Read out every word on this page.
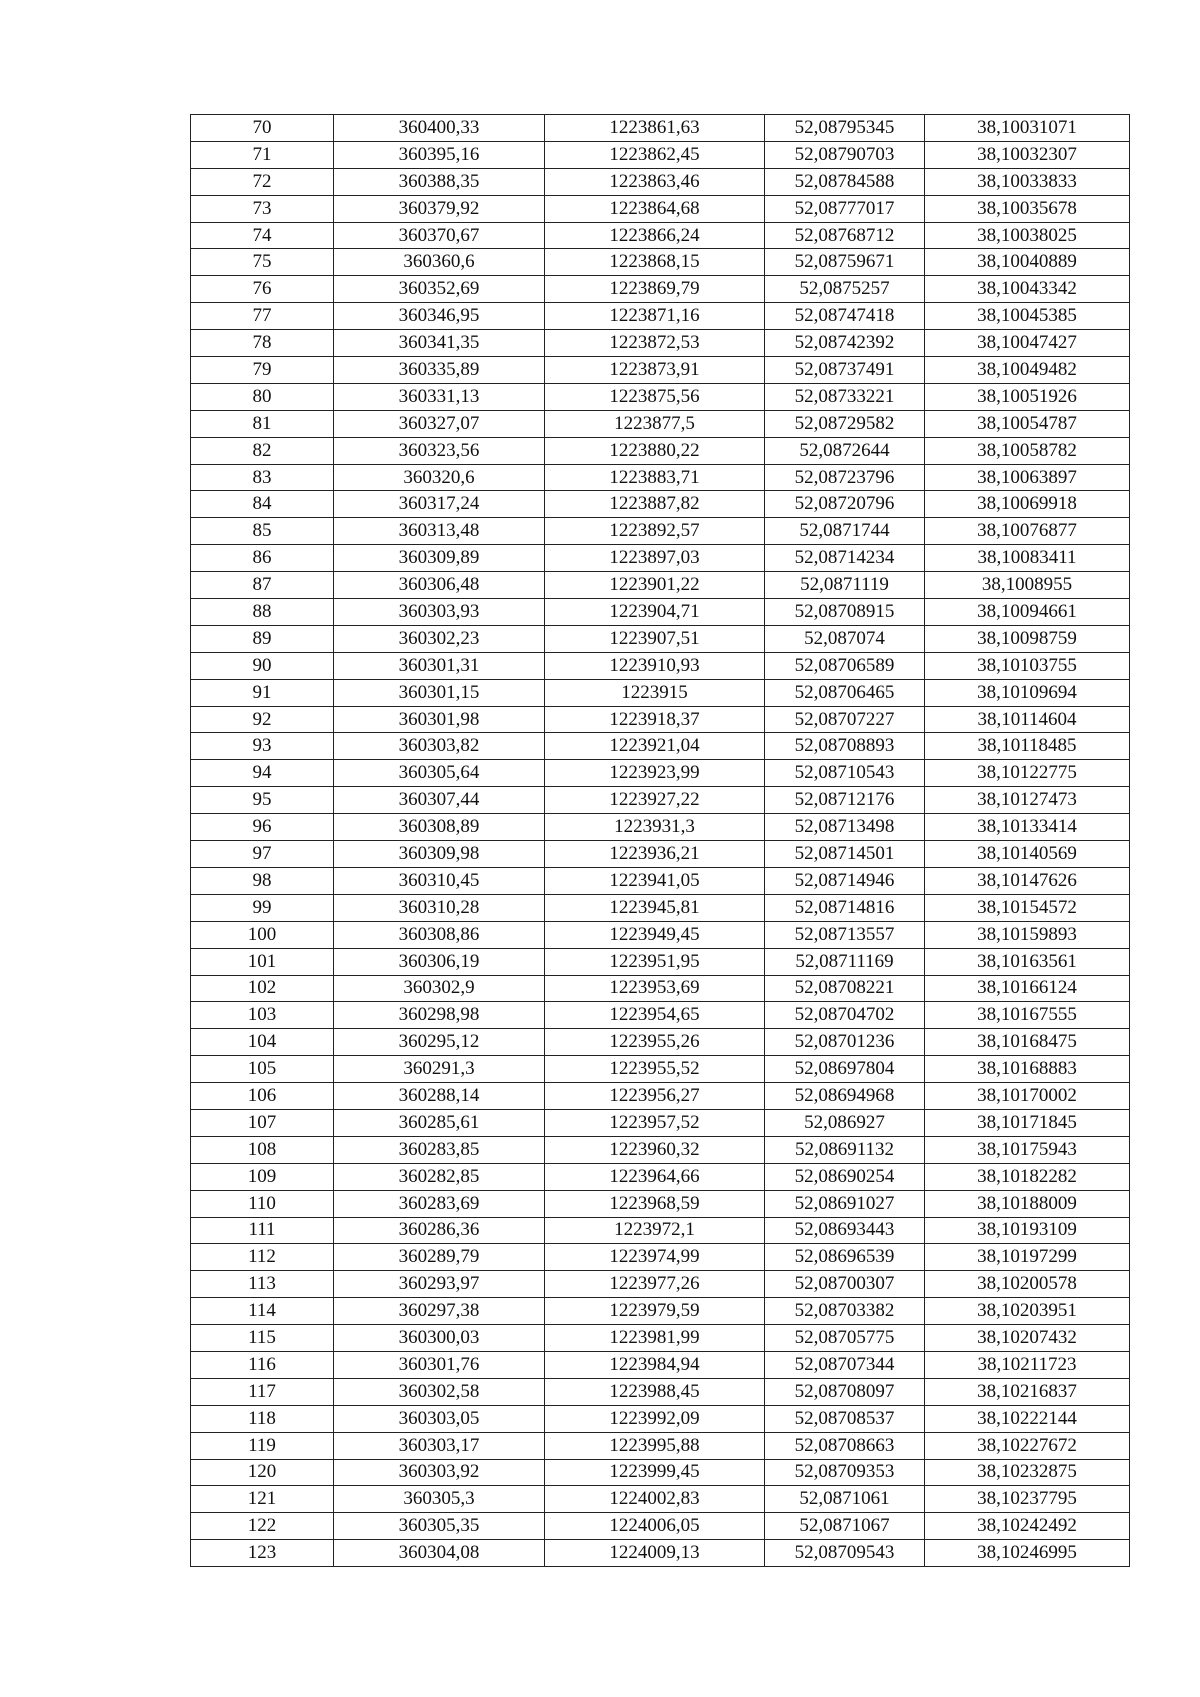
70	360400,33	1223861,63	52,08795345	38,10031071
71	360395,16	1223862,45	52,08790703	38,10032307
72	360388,35	1223863,46	52,08784588	38,10033833
73	360379,92	1223864,68	52,08777017	38,10035678
74	360370,67	1223866,24	52,08768712	38,10038025
75	360360,6	1223868,15	52,08759671	38,10040889
76	360352,69	1223869,79	52,0875257	38,10043342
77	360346,95	1223871,16	52,08747418	38,10045385
78	360341,35	1223872,53	52,08742392	38,10047427
79	360335,89	1223873,91	52,08737491	38,10049482
80	360331,13	1223875,56	52,08733221	38,10051926
81	360327,07	1223877,5	52,08729582	38,10054787
82	360323,56	1223880,22	52,0872644	38,10058782
83	360320,6	1223883,71	52,08723796	38,10063897
84	360317,24	1223887,82	52,08720796	38,10069918
85	360313,48	1223892,57	52,0871744	38,10076877
86	360309,89	1223897,03	52,08714234	38,10083411
87	360306,48	1223901,22	52,0871119	38,1008955
88	360303,93	1223904,71	52,08708915	38,10094661
89	360302,23	1223907,51	52,087074	38,10098759
90	360301,31	1223910,93	52,08706589	38,10103755
91	360301,15	1223915	52,08706465	38,10109694
92	360301,98	1223918,37	52,08707227	38,10114604
93	360303,82	1223921,04	52,08708893	38,10118485
94	360305,64	1223923,99	52,08710543	38,10122775
95	360307,44	1223927,22	52,08712176	38,10127473
96	360308,89	1223931,3	52,08713498	38,10133414
97	360309,98	1223936,21	52,08714501	38,10140569
98	360310,45	1223941,05	52,08714946	38,10147626
99	360310,28	1223945,81	52,08714816	38,10154572
100	360308,86	1223949,45	52,08713557	38,10159893
101	360306,19	1223951,95	52,08711169	38,10163561
102	360302,9	1223953,69	52,08708221	38,10166124
103	360298,98	1223954,65	52,08704702	38,10167555
104	360295,12	1223955,26	52,08701236	38,10168475
105	360291,3	1223955,52	52,08697804	38,10168883
106	360288,14	1223956,27	52,08694968	38,10170002
107	360285,61	1223957,52	52,086927	38,10171845
108	360283,85	1223960,32	52,08691132	38,10175943
109	360282,85	1223964,66	52,08690254	38,10182282
110	360283,69	1223968,59	52,08691027	38,10188009
111	360286,36	1223972,1	52,08693443	38,10193109
112	360289,79	1223974,99	52,08696539	38,10197299
113	360293,97	1223977,26	52,08700307	38,10200578
114	360297,38	1223979,59	52,08703382	38,10203951
115	360300,03	1223981,99	52,08705775	38,10207432
116	360301,76	1223984,94	52,08707344	38,10211723
117	360302,58	1223988,45	52,08708097	38,10216837
118	360303,05	1223992,09	52,08708537	38,10222144
119	360303,17	1223995,88	52,08708663	38,10227672
120	360303,92	1223999,45	52,08709353	38,10232875
121	360305,3	1224002,83	52,0871061	38,10237795
122	360305,35	1224006,05	52,0871067	38,10242492
123	360304,08	1224009,13	52,08709543	38,10246995
